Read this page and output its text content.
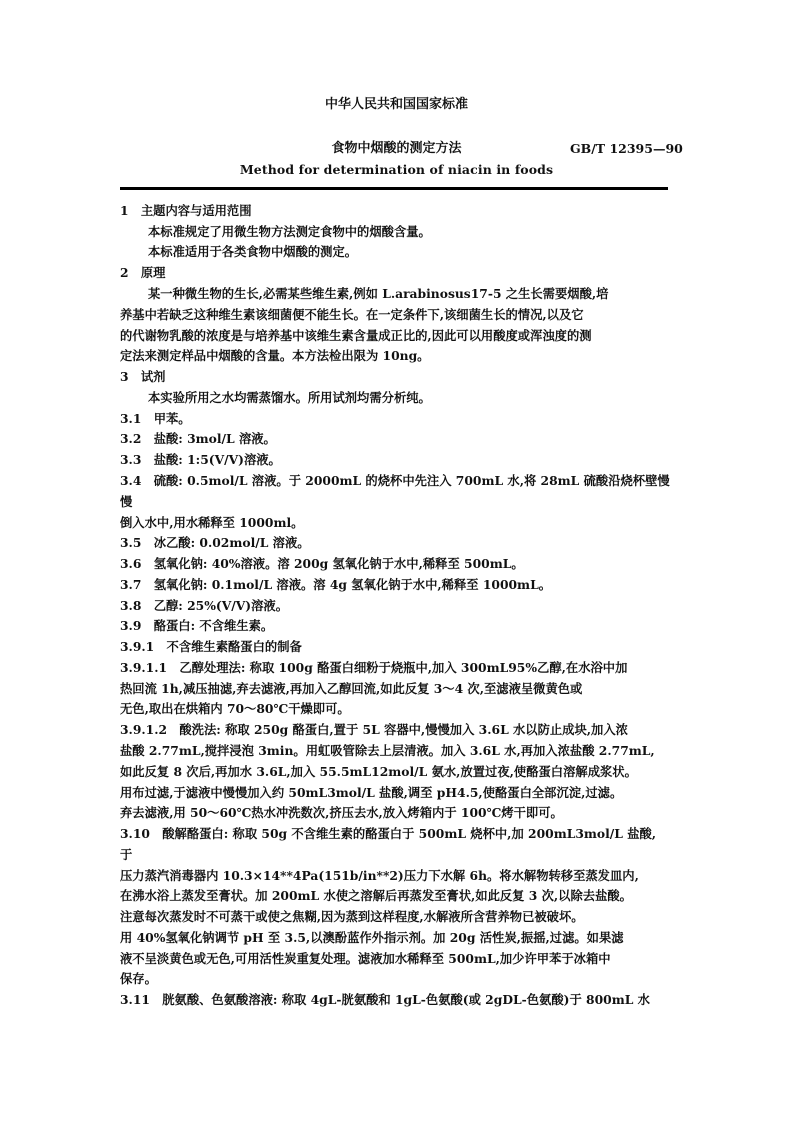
中华人民共和国国家标准
食物中烟酸的测定方法	GB/T 12395—90
Method for determination of niacin in foods
1　主题内容与适用范围
本标准规定了用微生物方法测定食物中的烟酸含量。
本标准适用于各类食物中烟酸的测定。
2　原理
某一种微生物的生长,必需某些维生素,例如 L.arabinosus17-5 之生长需要烟酸,培
养基中若缺乏这种维生素该细菌便不能生长。在一定条件下,该细菌生长的情况,以及它
的代谢物乳酸的浓度是与培养基中该维生素含量成正比的,因此可以用酸度或浑浊度的测
定法来测定样品中烟酸的含量。本方法检出限为 10ng。
3　试剂
本实验所用之水均需蒸馏水。所用试剂均需分析纯。
3.1　甲苯。
3.2　盐酸: 3mol/L 溶液。
3.3　盐酸: 1:5(V/V)溶液。
3.4　硫酸: 0.5mol/L 溶液。于 2000mL 的烧杯中先注入 700mL 水,将 28mL 硫酸沿烧杯壁慢
慢
倒入水中,用水稀释至 1000ml。
3.5　冰乙酸: 0.02mol/L 溶液。
3.6　氢氧化钠: 40%溶液。溶 200g 氢氧化钠于水中,稀释至 500mL。
3.7　氢氧化钠: 0.1mol/L 溶液。溶 4g 氢氧化钠于水中,稀释至 1000mL。
3.8　乙醇: 25%(V/V)溶液。
3.9　酪蛋白: 不含维生素。
3.9.1　不含维生素酪蛋白的制备
3.9.1.1　乙醇处理法: 称取 100g 酪蛋白细粉于烧瓶中,加入 300mL95%乙醇,在水浴中加
热回流 1h,减压抽滤,弃去滤液,再加入乙醇回流,如此反复 3～4 次,至滤液呈微黄色或
无色,取出在烘箱内 70～80℃干燥即可。
3.9.1.2　酸洗法: 称取 250g 酪蛋白,置于 5L 容器中,慢慢加入 3.6L 水以防止成块,加入浓
盐酸 2.77mL,搅拌浸泡 3min。用虹吸管除去上层清液。加入 3.6L 水,再加入浓盐酸 2.77mL,
如此反复 8 次后,再加水 3.6L,加入 55.5mL12mol/L 氨水,放置过夜,使酪蛋白溶解成浆状。
用布过滤,于滤液中慢慢加入约 50mL3mol/L 盐酸,调至 pH4.5,使酪蛋白全部沉淀,过滤。
弃去滤液,用 50～60℃热水冲洗数次,挤压去水,放入烤箱内于 100℃烤干即可。
3.10　酸解酪蛋白: 称取 50g 不含维生素的酪蛋白于 500mL 烧杯中,加 200mL3mol/L 盐酸,
于
压力蒸汽消毒器内 10.3×14**4Pa(151b/in**2)压力下水解 6h。将水解物转移至蒸发皿内,
在沸水浴上蒸发至膏状。加 200mL 水使之溶解后再蒸发至膏状,如此反复 3 次,以除去盐酸。
注意每次蒸发时不可蒸干或使之焦糊,因为蒸到这样程度,水解液所含营养物已被破坏。
用 40%氢氧化钠调节 pH 至 3.5,以澳酚蓝作外指示剂。加 20g 活性炭,振摇,过滤。如果滤
液不呈淡黄色或无色,可用活性炭重复处理。滤液加水稀释至 500mL,加少许甲苯于冰箱中
保存。
3.11　胱氨酸、色氨酸溶液: 称取 4gL-胱氨酸和 1gL-色氨酸(或 2gDL-色氨酸)于 800mL 水
